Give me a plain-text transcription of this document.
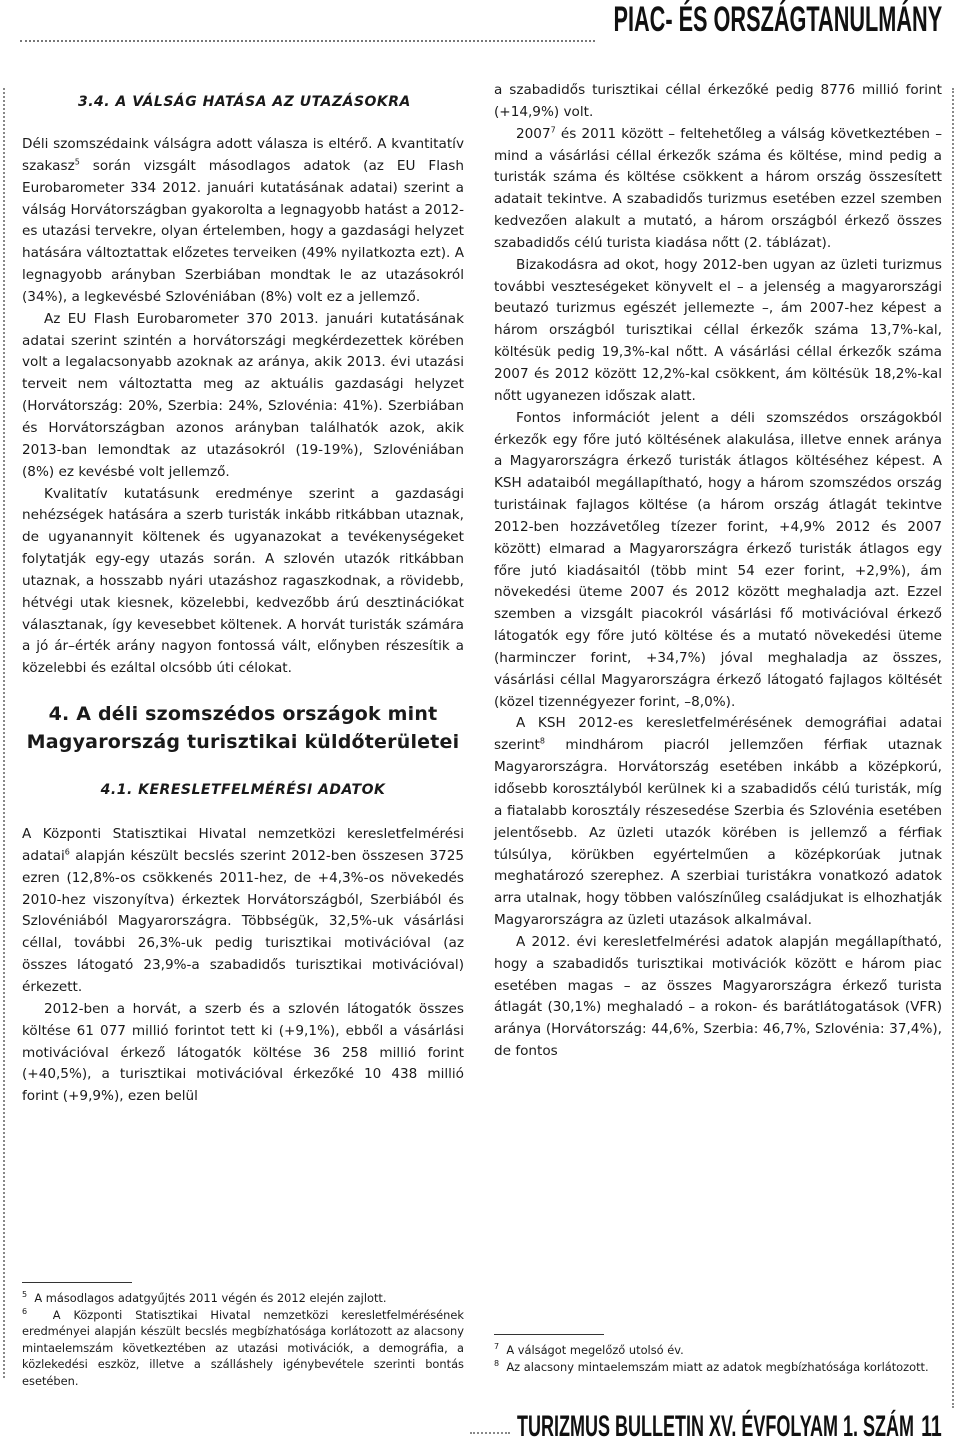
PIAC- ÉS ORSZÁGTANULMÁNY
3.4. A VÁLSÁG HATÁSA AZ UTAZÁSOKRA

Déli szomszédaink válságra adott válasza is eltérő. A kvantitatív szakasz$^5$ során vizsgált másodlagos adatok (az EU Flash Eurobarometer 334 2012. januári kutatásának adatai) szerint a válság Horvátországban gyakorolta a legnagyobb hatást a 2012-es utazási tervekre, olyan értelemben, hogy a gazdasági helyzet hatására változtattak előzetes terveiken (49% nyilatkozta ezt). A legnagyobb arányban Szerbiában mondtak le az utazásokról (34%), a legkevésbé Szlovéniában (8%) volt ez a jellemző.

Az EU Flash Eurobarometer 370 2013. januári kutatásának adatai szerint szintén a horvátországi megkérdezettek körében volt a legalacsonyabb azoknak az aránya, akik 2013. évi utazási terveit nem változtatta meg az aktuális gazdasági helyzet (Horvátország: 20%, Szerbia: 24%, Szlovénia: 41%). Szerbiában és Horvátországban azonos arányban találhatók azok, akik 2013-ban lemondtak az utazásokról (19-19%), Szlovéniában (8%) ez kevésbé volt jellemző.

Kvalitatív kutatásunk eredménye szerint a gazdasági nehézségek hatására a szerb turisták inkább ritkábban utaznak, de ugyanannyit költenek és ugyanazokat a tevékenységeket folytatják egy-egy utazás során. A szlovén utazók ritkábban utaznak, a hosszabb nyári utazáshoz ragaszkodnak, a rövidebb, hétvégi utak kiesnek, közelebbi, kedvezőbb árú desztinációkat választanak, így kevesebbet költenek. A horvát turisták számára a jó ár–érték arány nagyon fontossá vált, előnyben részesítik a közelebbi és ezáltal olcsóbb úti célokat.

4. A déli szomszédos országok mint
Magyarország turisztikai küldőterületei
4.1. KERESLETFELMÉRÉSI ADATOK

A Központi Statisztikai Hivatal nemzetközi keresletfelmérési adatai$^6$ alapján készült becslés szerint 2012-ben összesen 3725 ezren (12,8%-os csökkenés 2011-hez, de +4,3%-os növekedés 2010-hez viszonyítva) érkeztek Horvátországból, Szerbiából és Szlovéniából Magyarországra. Többségük, 32,5%-uk vásárlási céllal, további 26,3%-uk pedig turisztikai motivációval (az összes látogató 23,9%-a szabadidős turisztikai motivációval) érkezett.

2012-ben a horvát, a szerb és a szlovén látogatók összes költése 61 077 millió forintot tett ki (+9,1%), ebből a vásárlási motivációval érkező látogatók költése 36 258 millió forint (+40,5%), a turisztikai motivációval érkezőké 10 438 millió forint (+9,9%), ezen belül

$^5$ A másodlagos adatgyűjtés 2011 végén és 2012 elején zajlott.

$^6$ A Központi Statisztikai Hivatal nemzetközi keresletfelmérésének eredményei alapján készült becslés megbízhatósága korlátozott az alacsony mintaelemszám következtében az utazási motivációk, a demográfia, a közlekedési eszköz, illetve a szálláshely igénybevétele szerinti bontás esetében.

a szabadidős turisztikai céllal érkezőké pedig 8776 millió forint (+14,9%) volt.

2007$^7$ és 2011 között – feltehetőleg a válság következtében – mind a vásárlási céllal érkezők száma és költése, mind pedig a turisták száma és költése csökkent a három ország összesített adatait tekintve. A szabadidős turizmus esetében ezzel szemben kedvezően alakult a mutató, a három országból érkező összes szabadidős célú turista kiadása nőtt (2. táblázat).

Bizakodásra ad okot, hogy 2012-ben ugyan az üzleti turizmus további veszteségeket könyvelt el – a jelenség a magyarországi beutazó turizmus egészét jellemezte –, ám 2007-hez képest a három országból turisztikai céllal érkezők száma 13,7%-kal, költésük pedig 19,3%-kal nőtt. A vásárlási céllal érkezők száma 2007 és 2012 között 12,2%-kal csökkent, ám költésük 18,2%-kal nőtt ugyanezen időszak alatt.

Fontos információt jelent a déli szomszédos országokból érkezők egy főre jutó költésének alakulása, illetve ennek aránya a Magyarországra érkező turisták átlagos költéséhez képest. A KSH adataiból megállapítható, hogy a három szomszédos ország turistáinak fajlagos költése (a három ország átlagát tekintve 2012-ben hozzávetőleg tízezer forint, +4,9% 2012 és 2007 között) elmarad a Magyarországra érkező turisták átlagos egy főre jutó kiadásaitól (több mint 54 ezer forint, +2,9%), ám növekedési üteme 2007 és 2012 között meghaladja azt. Ezzel szemben a vizsgált piacokról vásárlási fő motivációval érkező látogatók egy főre jutó költése és a mutató növekedési üteme (harminczer forint, +34,7%) jóval meghaladja az összes, vásárlási céllal Magyarországra érkező látogató fajlagos költését (közel tizennégyezer forint, –8,0%).

A KSH 2012-es keresletfelmérésének demográfiai adatai szerint$^8$ mindhárom piacról jellemzően férfiak utaznak Magyarországra. Horvátország esetében inkább a középkorú, idősebb korosztályból kerülnek ki a szabadidős célú turisták, míg a fiatalabb korosztály részesedése Szerbia és Szlovénia esetében jelentősebb. Az üzleti utazók körében is jellemző a férfiak túlsúlya, körükben egyértelműen a középkorúak jutnak meghatározó szerephez. A szerbiai turistákra vonatkozó adatok arra utalnak, hogy többen valószínűleg családjukat is elhozhatják Magyarországra az üzleti utazások alkalmával.

A 2012. évi keresletfelmérési adatok alapján megállapítható, hogy a szabadidős turisztikai motivációk között e három piac esetében magas – az összes Magyarországra érkező turista átlagát (30,1%) meghaladó – a rokon- és barátlátogatások (VFR) aránya (Horvátország: 44,6%, Szerbia: 46,7%, Szlovénia: 37,4%), de fontos

$^7$ A válságot megelőző utolsó év.

$^8$ Az alacsony mintaelemszám miatt az adatok megbízhatósága korlátozott.

TURIZMUS BULLETIN XV. ÉVFOLYAM 1. SZÁM 11
